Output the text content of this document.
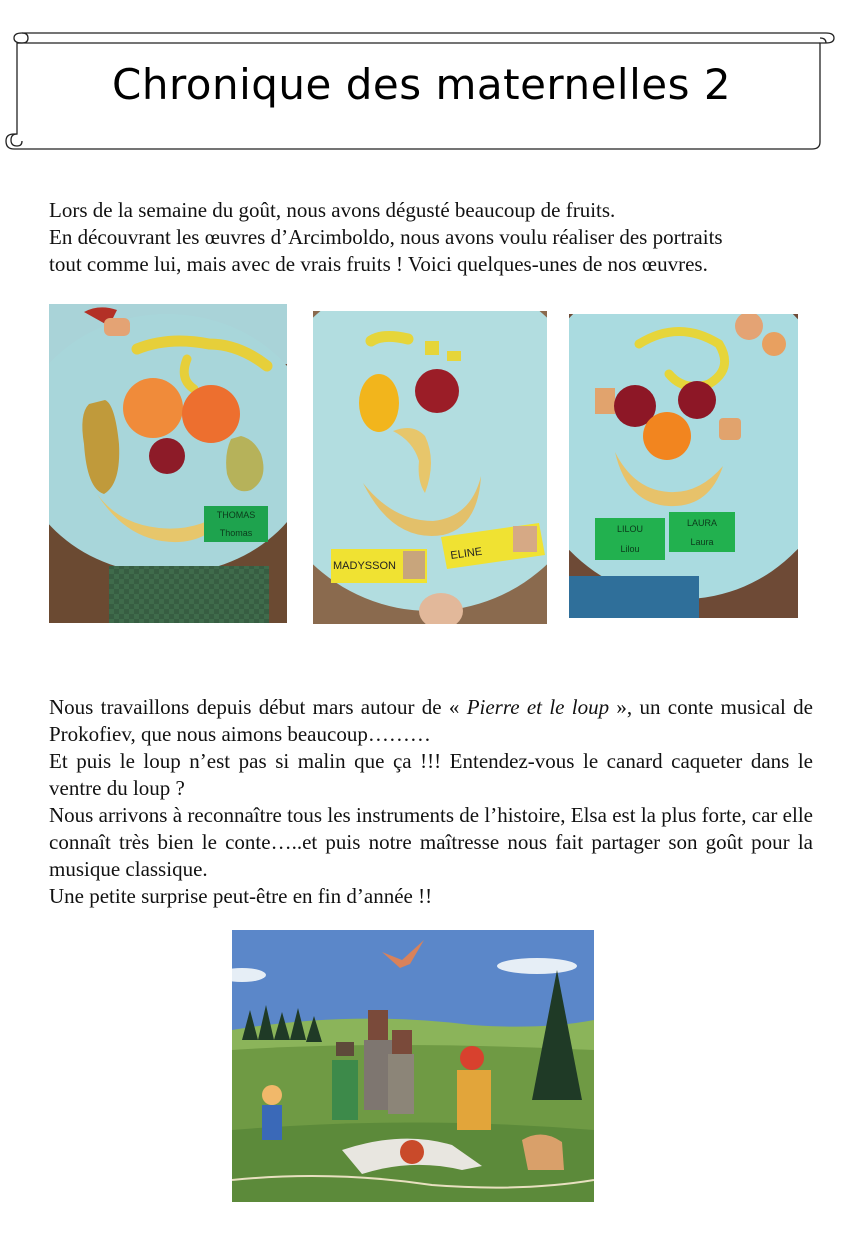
Chronique des maternelles 2
Lors de la semaine du goût, nous avons dégusté beaucoup de fruits.
En découvrant les œuvres d’Arcimboldo, nous avons voulu réaliser des portraits
tout comme lui, mais avec de vrais fruits ! Voici quelques-unes de nos œuvres.
THOMAS
Thomas
MADYSSON
ELINE
LILOU
Lilou
LAURA
Laura

Nous travaillons depuis début mars autour de « Pierre et le loup », un conte musical de Prokofiev, que nous aimons beaucoup………

Et puis le loup n’est pas si malin que ça !!! Entendez-vous le canard caqueter dans le ventre du loup ?

Nous arrivons à reconnaître tous les instruments de l’histoire, Elsa est la plus forte, car elle connaît très bien le conte…..et puis notre maîtresse nous fait partager son goût pour la musique classique.

Une petite surprise peut-être en fin d’année !!
